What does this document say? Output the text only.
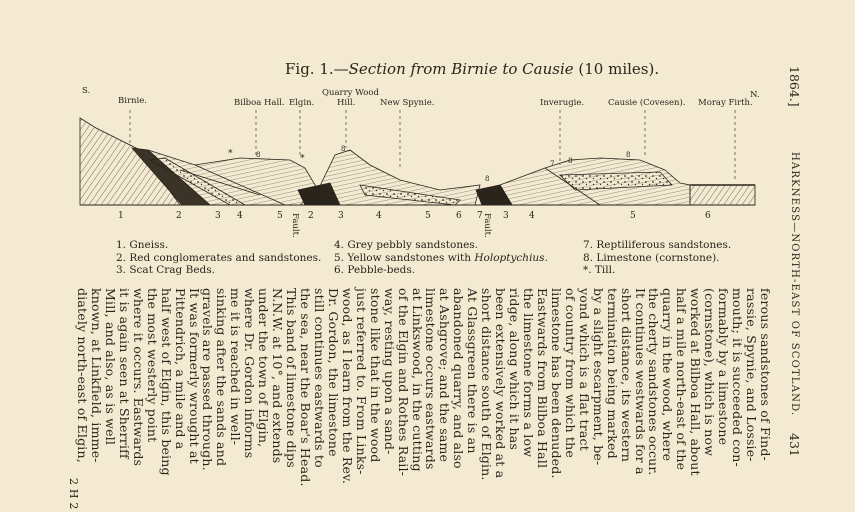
Fig. 1.—Section from Birnie to Causie (10 miles).
S.	N.
Birnie.	Bilboa Hall. Elgin.
Quarry Wood
Hill.	New Spynie.	Inverugie.	Causie (Covesen). Moray Firth.
*	8	*
8
8
7 8
8
1	2	3 4	5	2	3	4	5	6 7 3 4	5	6
Fault.	Fault.
1. Gneiss.
2. Red conglomerates and sandstones.
3. Scat Crag Beds.
4. Grey pebbly sandstones.
5. Yellow sandstones with Holoptychius.
6. Pebble-beds.
7. Reptiliferous sandstones.
8. Limestone (cornstone).
*. Till.
1864.]
HARKNESS—NORTH-EAST OF SCOTLAND.
431
ferous sandstones of Find-
rassie, Spynie, and Lossie-
mouth; it is succeeded con-
formably by a limestone
(cornstone), which is now
worked at Bilboa Hall, about
half a mile north-east of the
quarry in the wood, where
the cherty sandstones occur.
It continues westwards for a
short distance, its western
termination being marked
by a slight escarpment, be-
yond which is a flat tract
of country from which the
limestone has been denuded.
Eastwards from Bilboa Hall
the limestone forms a low
ridge, along which it has
been extensively worked at a
short distance south of Elgin.
At Glassgreen there is an
abandoned quarry, and also
at Ashgrove; and the same
limestone occurs eastwards
at Linkswood, in the cutting
of the Elgin and Rothes Rail-
way, resting upon a sand-
stone like that in the wood
just referred to. From Links-
wood, as I learn from the Rev.
Dr. Gordon, the limestone
still continues eastwards to
the sea, near the Boar's Head.
This band of limestone dips
N.N.W. at 10°, and extends
under the town of Elgin,
where Dr. Gordon informs
me it is reached in well-
sinking after the sands and
gravels are passed through.
It was formerly wrought at
Pittendrich, a mile and a
half west of Elgin, this being
the most westerly point
where it occurs. Eastwards
it is again seen at Sherriff
Mill, and also, as is well
known, at Linkfield, imme-
diately north-east of Elgin,
2 H 2
